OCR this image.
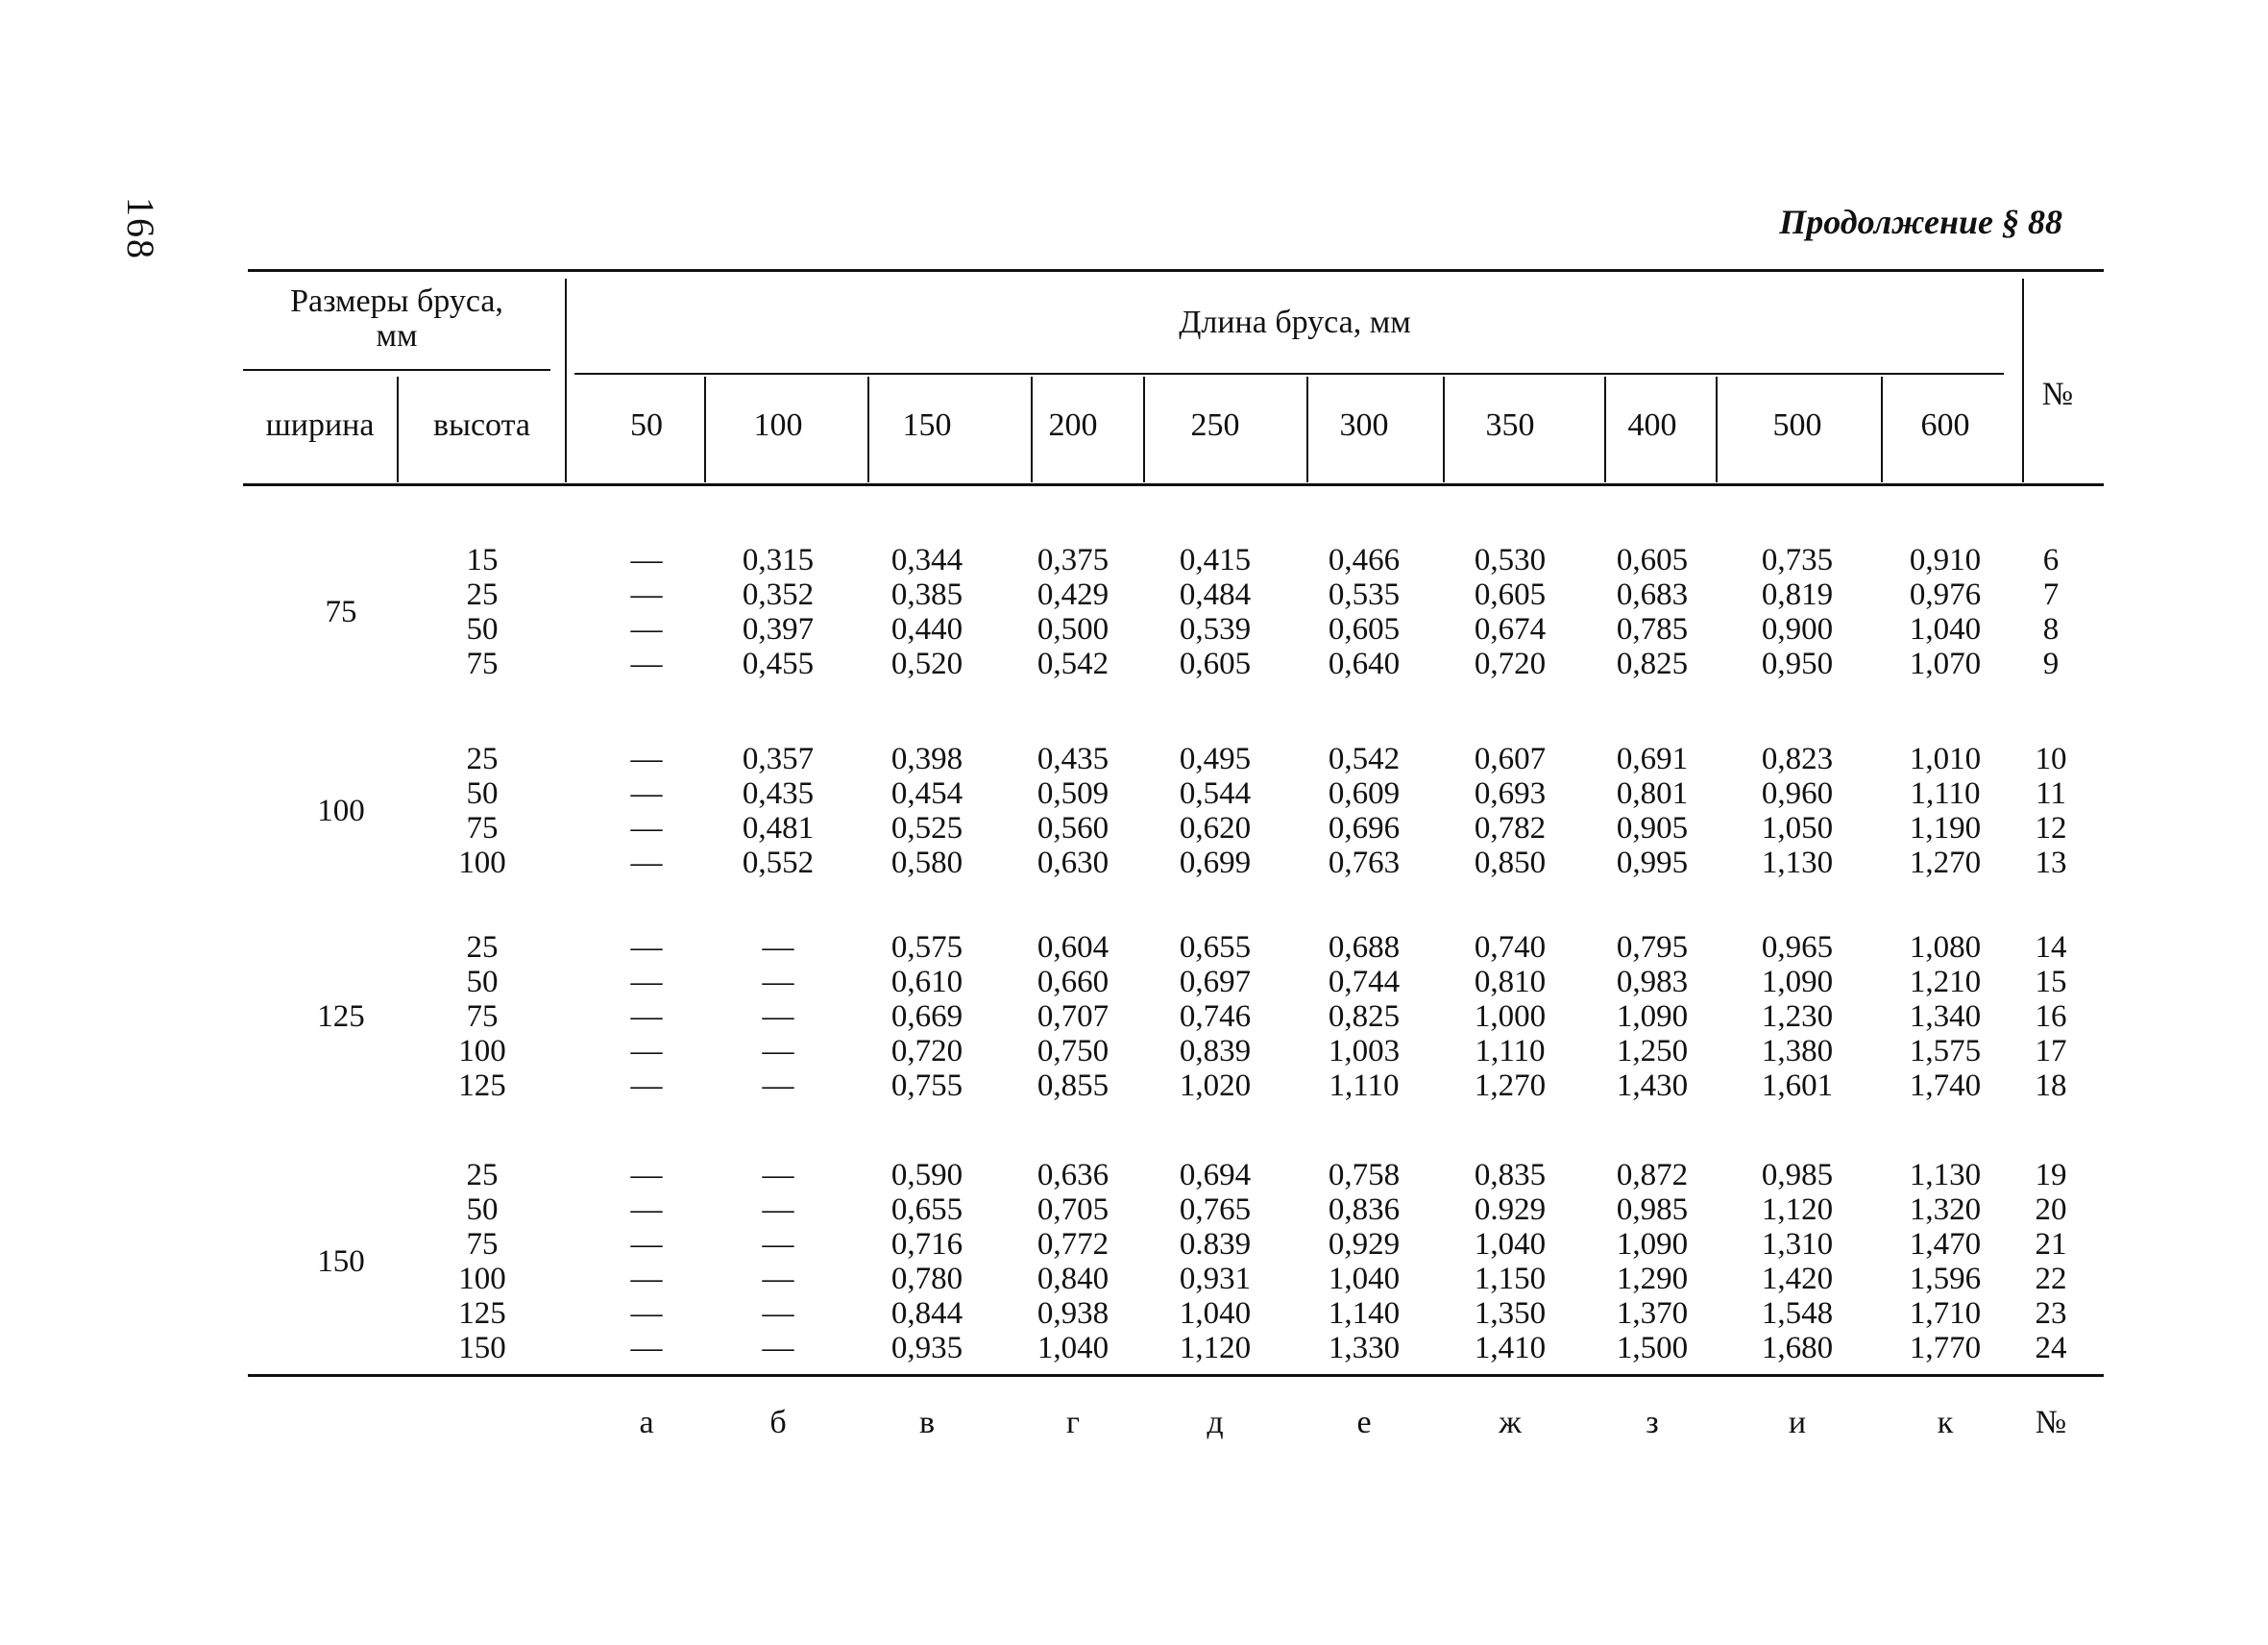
168	Продолжение § 88
Размеры бруса,
мм
ширина	высота
Длина бруса, мм
№
50	100	150	200	250	300	350	400	500	600
75
15	—	0,315	0,344	0,375	0,415	0,466	0,530	0,605	0,735	0,910	6
25	—	0,352	0,385	0,429	0,484	0,535	0,605	0,683	0,819	0,976	7
50	—	0,397	0,440	0,500	0,539	0,605	0,674	0,785	0,900	1,040	8
75	—	0,455	0,520	0,542	0,605	0,640	0,720	0,825	0,950	1,070	9
100
25	—	0,357	0,398	0,435	0,495	0,542	0,607	0,691	0,823	1,010	10
50	—	0,435	0,454	0,509	0,544	0,609	0,693	0,801	0,960	1,110	11
75	—	0,481	0,525	0,560	0,620	0,696	0,782	0,905	1,050	1,190	12
100	—	0,552	0,580	0,630	0,699	0,763	0,850	0,995	1,130	1,270	13
125
25	—	—	0,575	0,604	0,655	0,688	0,740	0,795	0,965	1,080	14
50	—	—	0,610	0,660	0,697	0,744	0,810	0,983	1,090	1,210	15
75	—	—	0,669	0,707	0,746	0,825	1,000	1,090	1,230	1,340	16
100	—	—	0,720	0,750	0,839	1,003	1,110	1,250	1,380	1,575	17
125	—	—	0,755	0,855	1,020	1,110	1,270	1,430	1,601	1,740	18
150
25	—	—	0,590	0,636	0,694	0,758	0,835	0,872	0,985	1,130	19
50	—	—	0,655	0,705	0,765	0,836	0.929	0,985	1,120	1,320	20
75	—	—	0,716	0,772	0.839	0,929	1,040	1,090	1,310	1,470	21
100	—	—	0,780	0,840	0,931	1,040	1,150	1,290	1,420	1,596	22
125	—	—	0,844	0,938	1,040	1,140	1,350	1,370	1,548	1,710	23
150	—	—	0,935	1,040	1,120	1,330	1,410	1,500	1,680	1,770	24
а	б	в	г	д	е	ж	з	и	к	№
